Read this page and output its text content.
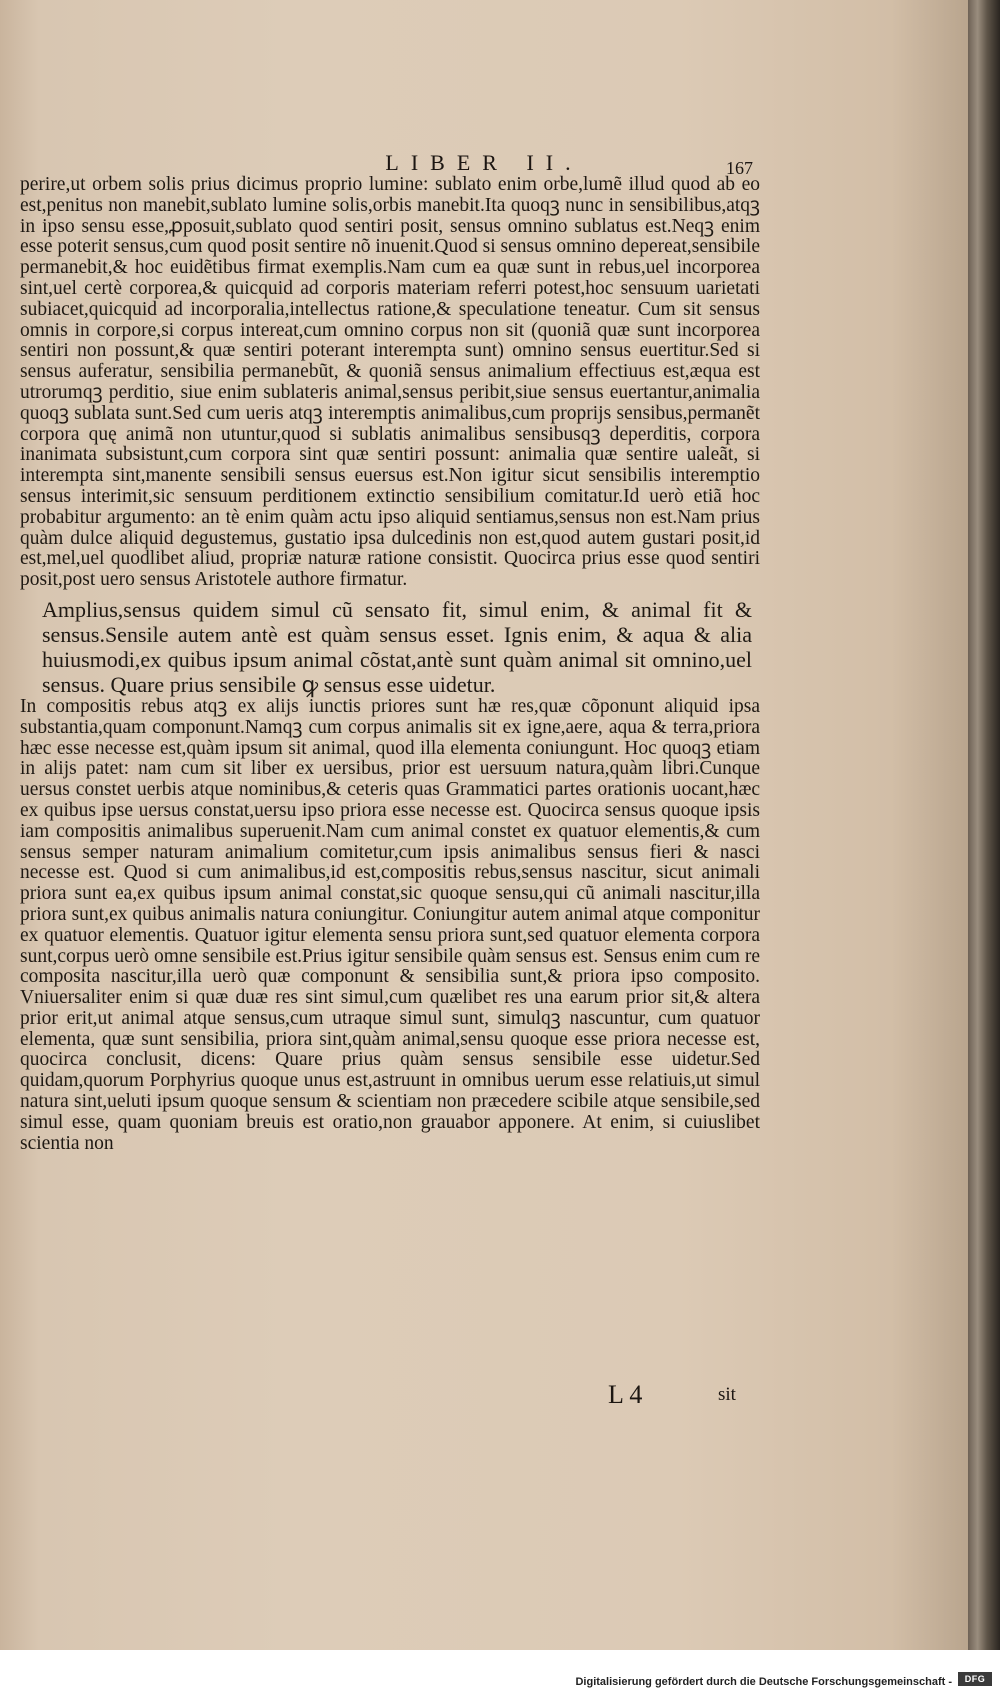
LIBER II.	167

perire,ut orbem solis prius dicimus proprio lumine: sublato enim orbe,lumẽ illud quod ab eo est,penitus non manebit,sublato lumine solis,orbis manebit.Ita quoqꝫ nunc in sensibilibus,atqꝫ in ipso sensu esse,ꝓposuit,sublato quod sentiri posit, sensus omnino sublatus est.Neqꝫ enim esse poterit sensus,cum quod posit sentire nõ inuenit.Quod si sensus omnino depereat,sensibile permanebit,& hoc euidẽtibus firmat exemplis.Nam cum ea quæ sunt in rebus,uel incorporea sint,uel certè corporea,& quicquid ad corporis materiam referri potest,hoc sensuum uarietati subiacet,quicquid ad incorporalia,intellectus ratione,& speculatione teneatur. Cum sit sensus omnis in corpore,si corpus intereat,cum omnino corpus non sit (quoniã quæ sunt incorporea sentiri non possunt,& quæ sentiri poterant interempta sunt) omnino sensus euertitur.Sed si sensus auferatur, sensibilia permanebũt, & quoniã sensus animalium effectiuus est,æqua est utrorumqꝫ perditio, siue enim sublateris animal,sensus peribit,siue sensus euertantur,animalia quoqꝫ sublata sunt.Sed cum ueris atqꝫ interemptis animalibus,cum proprijs sensibus,permanẽt corpora quę animã non utuntur,quod si sublatis animalibus sensibusqꝫ deperditis, corpora inanimata subsistunt,cum corpora sint quæ sentiri possunt: animalia quæ sentire ualeãt, si interempta sint,manente sensibili sensus euersus est.Non igitur sicut sensibilis interemptio sensus interimit,sic sensuum perditionem extinctio sensibilium comitatur.Id uerò etiã hoc probabitur argumento: an tè enim quàm actu ipso aliquid sentiamus,sensus non est.Nam prius quàm dulce aliquid degustemus, gustatio ipsa dulcedinis non est,quod autem gustari posit,id est,mel,uel quodlibet aliud, propriæ naturæ ratione consistit. Quocirca prius esse quod sentiri posit,post uero sensus Aristotele authore firmatur.

Amplius,sensus quidem simul cũ sensato fit, simul enim, & animal fit & sensus.Sensile autem antè est quàm sensus esset. Ignis enim, & aqua & alia huiusmodi,ex quibus ipsum animal cõstat,antè sunt quàm animal sit omnino,uel sensus. Quare prius sensibile ꝙ sensus esse uidetur.

In compositis rebus atqꝫ ex alijs iunctis priores sunt hæ res,quæ cõponunt aliquid ipsa substantia,quam componunt.Namqꝫ cum corpus animalis sit ex igne,aere, aqua & terra,priora hæc esse necesse est,quàm ipsum sit animal, quod illa elementa coniungunt. Hoc quoqꝫ etiam in alijs patet: nam cum sit liber ex uersibus, prior est uersuum natura,quàm libri.Cunque uersus constet uerbis atque nominibus,& ceteris quas Grammatici partes orationis uocant,hæc ex quibus ipse uersus constat,uersu ipso priora esse necesse est. Quocirca sensus quoque ipsis iam compositis animalibus superuenit.Nam cum animal constet ex quatuor elementis,& cum sensus semper naturam animalium comitetur,cum ipsis animalibus sensus fieri & nasci necesse est. Quod si cum animalibus,id est,compositis rebus,sensus nascitur, sicut animali priora sunt ea,ex quibus ipsum animal constat,sic quoque sensu,qui cũ animali nascitur,illa priora sunt,ex quibus animalis natura coniungitur. Coniungitur autem animal atque componitur ex quatuor elementis. Quatuor igitur elementa sensu priora sunt,sed quatuor elementa corpora sunt,corpus uerò omne sensibile est.Prius igitur sensibile quàm sensus est. Sensus enim cum re composita nascitur,illa uerò quæ componunt & sensibilia sunt,& priora ipso composito. Vniuersaliter enim si quæ duæ res sint simul,cum quælibet res una earum prior sit,& altera prior erit,ut animal atque sensus,cum utraque simul sunt, simulqꝫ nascuntur, cum quatuor elementa, quæ sunt sensibilia, priora sint,quàm animal,sensu quoque esse priora necesse est, quocirca conclusit, dicens: Quare prius quàm sensus sensibile esse uidetur.Sed quidam,quorum Porphyrius quoque unus est,astruunt in omnibus uerum esse relatiuis,ut simul natura sint,ueluti ipsum quoque sensum & scientiam non præcedere scibile atque sensibile,sed simul esse, quam quoniam breuis est oratio,non grauabor apponere. At enim, si cuiuslibet scientia non

L 4	sit
Digitalisierung gefördert durch die Deutsche Forschungsgemeinschaft -	DFG
